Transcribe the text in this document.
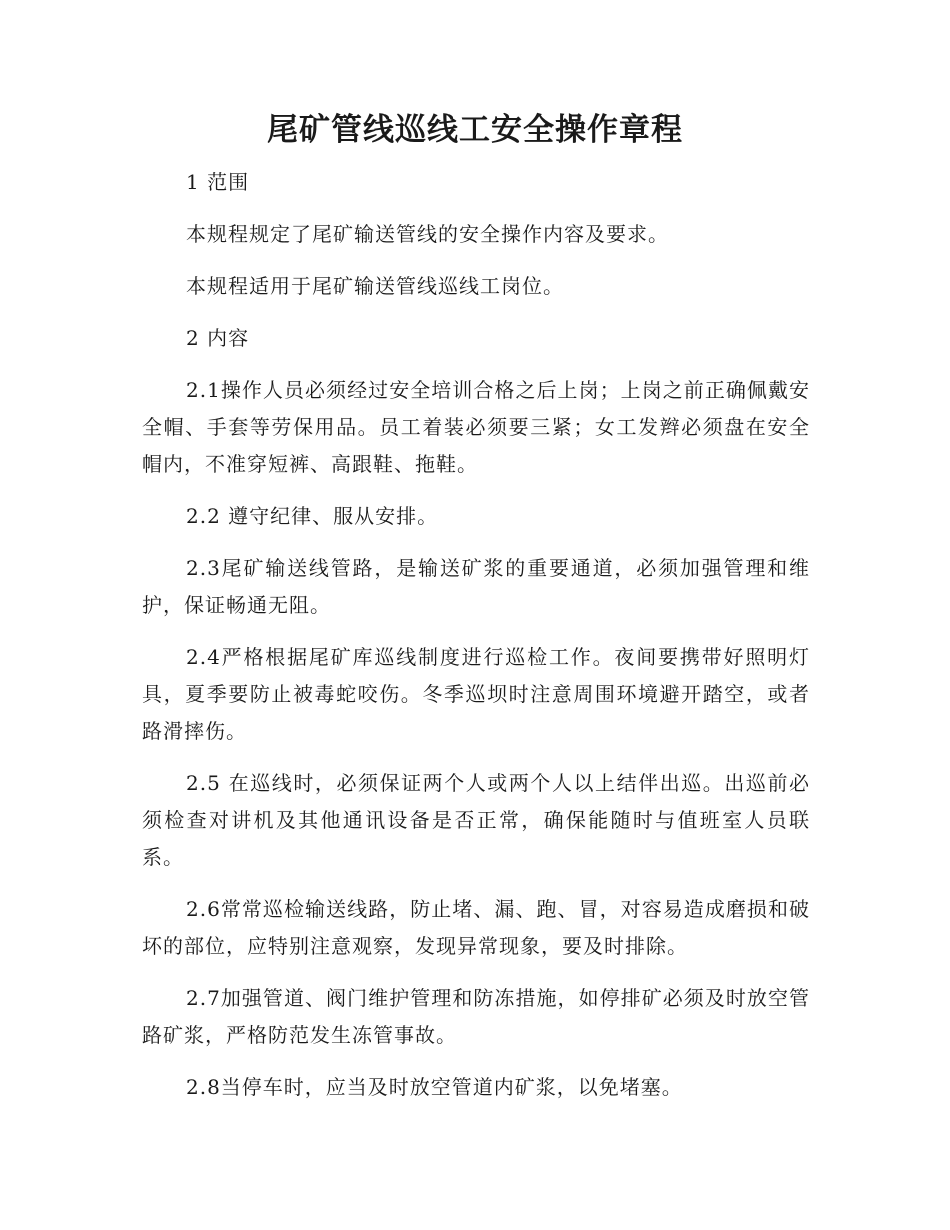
尾矿管线巡线工安全操作章程

1 范围

本规程规定了尾矿输送管线的安全操作内容及要求。

本规程适用于尾矿输送管线巡线工岗位。

2 内容

2.1操作人员必须经过安全培训合格之后上岗；上岗之前正确佩戴安全帽、手套等劳保用品。员工着装必须要三紧；女工发辫必须盘在安全帽内，不准穿短裤、高跟鞋、拖鞋。

2.2 遵守纪律、服从安排。

2.3尾矿输送线管路，是输送矿浆的重要通道，必须加强管理和维护，保证畅通无阻。

2.4严格根据尾矿库巡线制度进行巡检工作。夜间要携带好照明灯具，夏季要防止被毒蛇咬伤。冬季巡坝时注意周围环境避开踏空，或者路滑摔伤。

2.5 在巡线时，必须保证两个人或两个人以上结伴出巡。出巡前必须检查对讲机及其他通讯设备是否正常，确保能随时与值班室人员联系。

2.6常常巡检输送线路，防止堵、漏、跑、冒，对容易造成磨损和破坏的部位，应特别注意观察，发现异常现象，要及时排除。

2.7加强管道、阀门维护管理和防冻措施，如停排矿必须及时放空管路矿浆，严格防范发生冻管事故。

2.8当停车时，应当及时放空管道内矿浆，以免堵塞。
